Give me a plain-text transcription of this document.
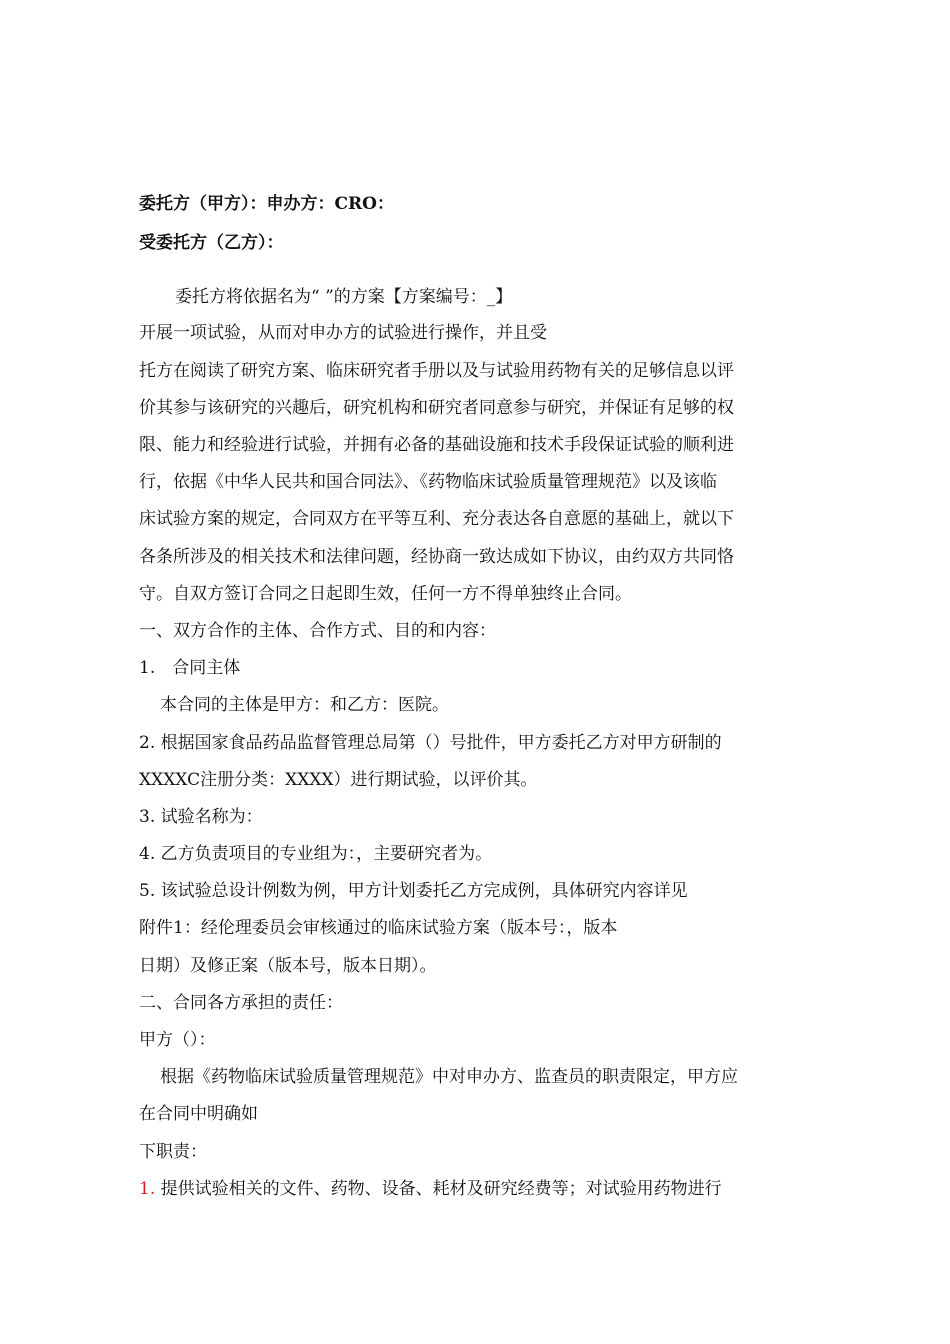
委托方（甲方）：申办方：CRO：
受委托方（乙方）：
委托方将依据名为“ ”的方案【方案编号：_】
开展一项试验，从而对申办方的试验进行操作，并且受
托方在阅读了研究方案、临床研究者手册以及与试验用药物有关的足够信息以评
价其参与该研究的兴趣后，研究机构和研究者同意参与研究，并保证有足够的权
限、能力和经验进行试验，并拥有必备的基础设施和技术手段保证试验的顺利进
行，依据《中华人民共和国合同法》、《药物临床试验质量管理规范》以及该临
床试验方案的规定，合同双方在平等互利、充分表达各自意愿的基础上，就以下
各条所涉及的相关技术和法律问题，经协商一致达成如下协议，由约双方共同恪
守。自双方签订合同之日起即生效，任何一方不得单独终止合同。
一、双方合作的主体、合作方式、目的和内容：
1.　合同主体
本合同的主体是甲方：和乙方：医院。
2. 根据国家食品药品监督管理总局第（）号批件，甲方委托乙方对甲方研制的
XXXXC注册分类：XXXX）进行期试验，以评价其。
3. 试验名称为：
4. 乙方负责项目的专业组为：，主要研究者为。
5. 该试验总设计例数为例，甲方计划委托乙方完成例，具体研究内容详见
附件1：经伦理委员会审核通过的临床试验方案（版本号：，版本
日期）及修正案（版本号，版本日期）。
二、合同各方承担的责任：
甲方（）：
根据《药物临床试验质量管理规范》中对申办方、监查员的职责限定，甲方应
在合同中明确如
下职责：
1. 提供试验相关的文件、药物、设备、耗材及研究经费等；对试验用药物进行
